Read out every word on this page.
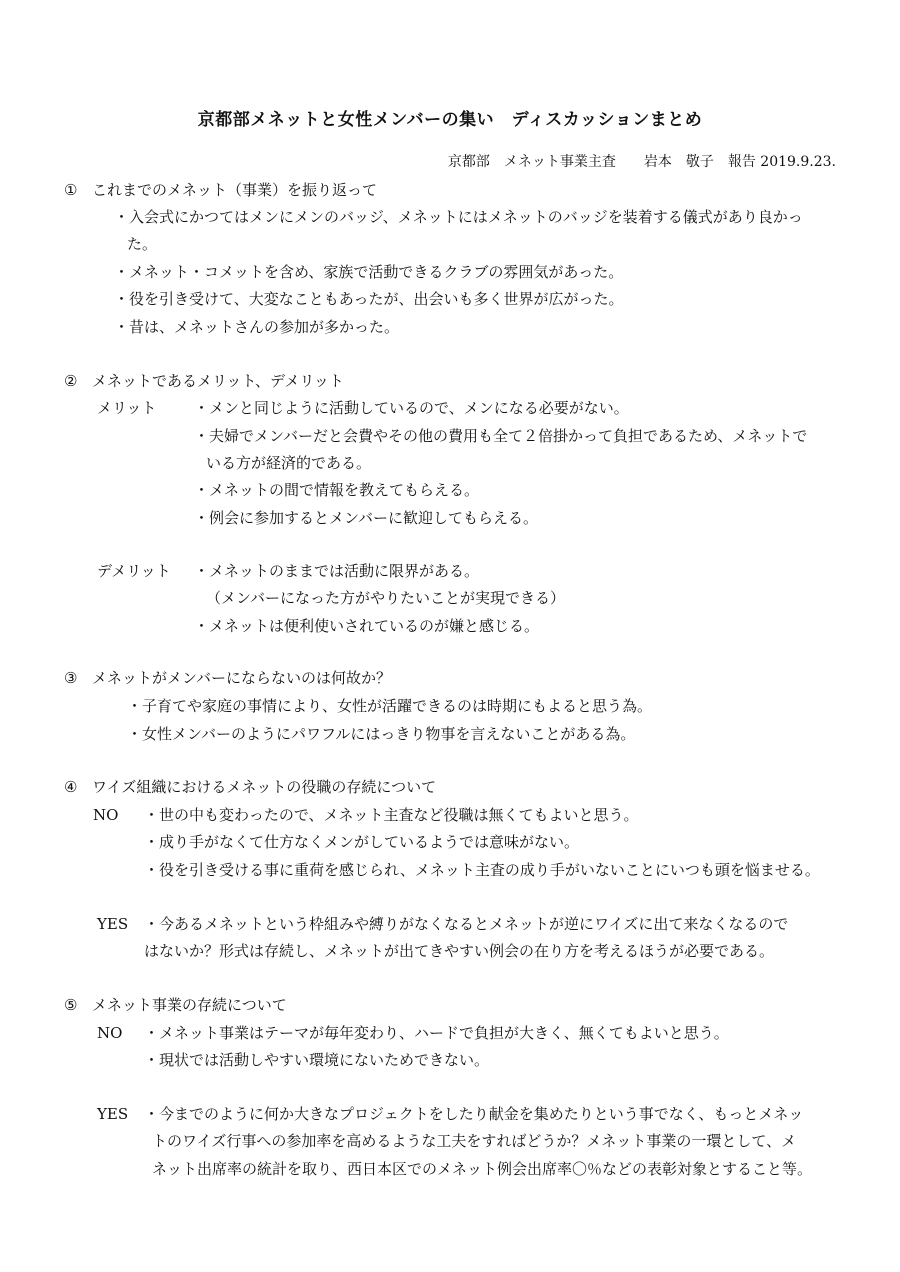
京都部メネットと女性メンバーの集い　ディスカッションまとめ
京都部　メネット事業主査　　岩本　敬子　報告 2019.9.23.
① これまでのメネット（事業）を振り返って
・入会式にかつてはメンにメンのバッジ、メネットにはメネットのバッジを装着する儀式があり良かっ
た。
・メネット・コメットを含め、家族で活動できるクラブの雰囲気があった。
・役を引き受けて、大変なこともあったが、出会いも多く世界が広がった。
・昔は、メネットさんの参加が多かった。
② メネットであるメリット、デメリット
メリット	・メンと同じように活動しているので、メンになる必要がない。
・夫婦でメンバーだと会費やその他の費用も全て２倍掛かって負担であるため、メネットで
いる方が経済的である。
・メネットの間で情報を教えてもらえる。
・例会に参加するとメンバーに歓迎してもらえる。
デメリット ・メネットのままでは活動に限界がある。
（メンバーになった方がやりたいことが実現できる）
・メネットは便利使いされているのが嫌と感じる。
③ メネットがメンバーにならないのは何故か？
・子育てや家庭の事情により、女性が活躍できるのは時期にもよると思う為。
・女性メンバーのようにパワフルにはっきり物事を言えないことがある為。
④ ワイズ組織におけるメネットの役職の存続について
NO ・世の中も変わったので、メネット主査など役職は無くてもよいと思う。
・成り手がなくて仕方なくメンがしているようでは意味がない。
・役を引き受ける事に重荷を感じられ、メネット主査の成り手がいないことにいつも頭を悩ませる。
YES ・今あるメネットという枠組みや縛りがなくなるとメネットが逆にワイズに出て来なくなるので
はないか？形式は存続し、メネットが出てきやすい例会の在り方を考えるほうが必要である。
⑤ メネット事業の存続について
NO ・メネット事業はテーマが毎年変わり、ハードで負担が大きく、無くてもよいと思う。
・現状では活動しやすい環境にないためできない。
YES ・今までのように何か大きなプロジェクトをしたり献金を集めたりという事でなく、もっとメネッ
トのワイズ行事への参加率を高めるような工夫をすればどうか？メネット事業の一環として、メ
ネット出席率の統計を取り、西日本区でのメネット例会出席率〇％などの表彰対象とすること等。
